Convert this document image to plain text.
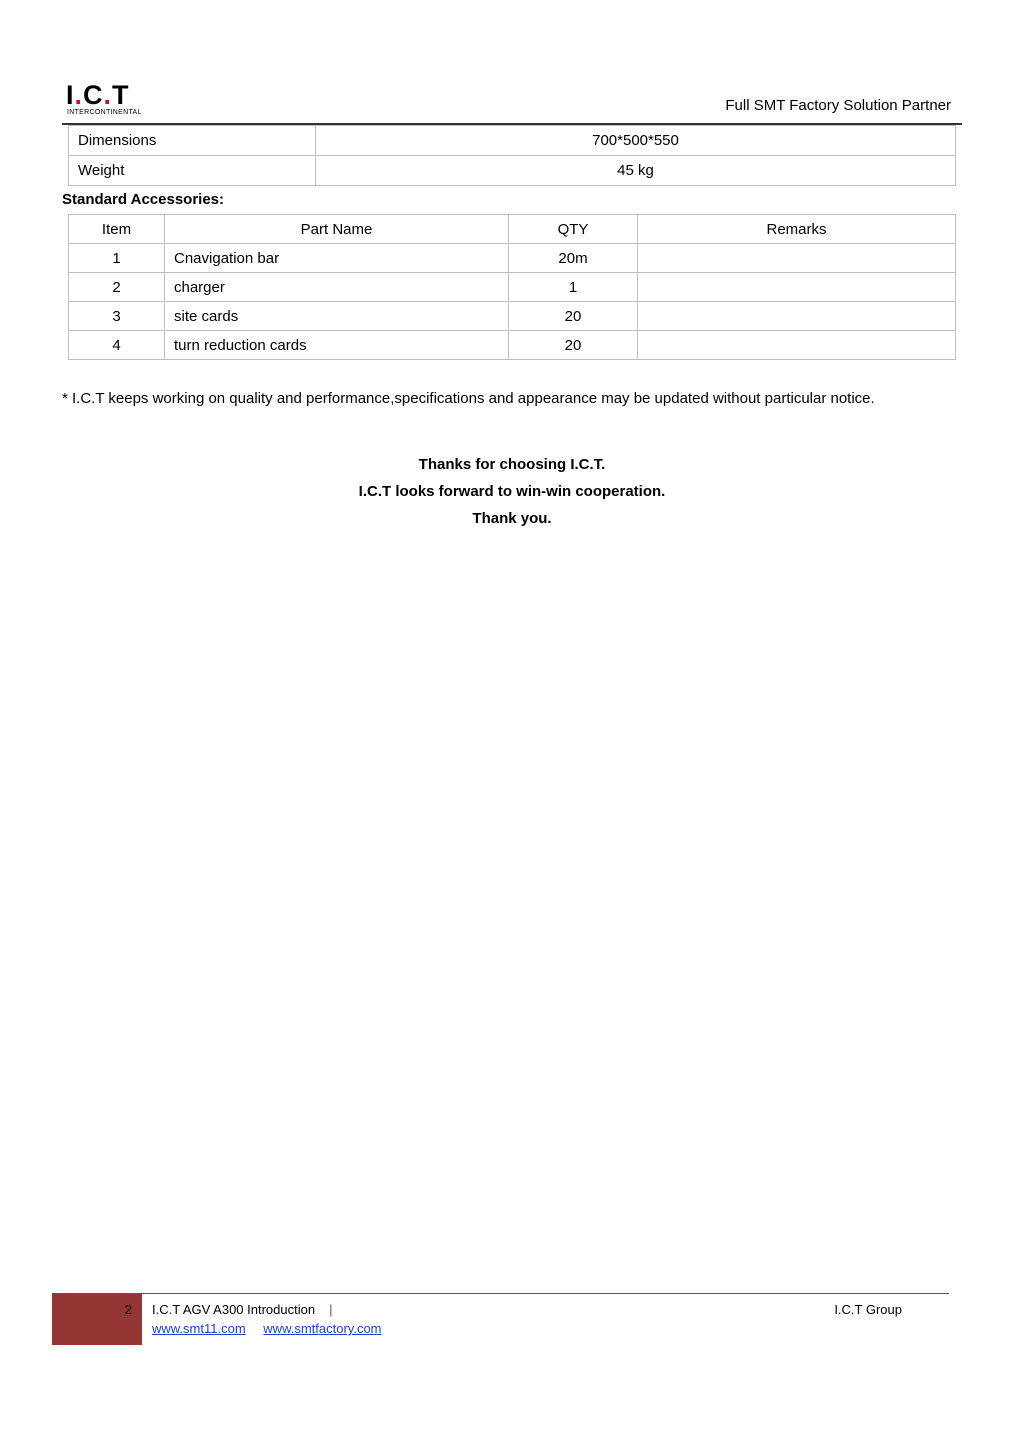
I.C.T
INTERCONTINENTAL	Full SMT Factory Solution Partner
Dimensions	700*500*550
Weight	45 kg
Standard Accessories:
Item	Part Name	QTY	Remarks
1	Cnavigation bar	20m	
2	charger	1	
3	site cards	20	
4	turn reduction cards	20	
* I.C.T keeps working on quality and performance,specifications and appearance may be updated without particular notice.
Thanks for choosing I.C.T.
I.C.T looks forward to win-win cooperation.
Thank you.
2 I.C.T AGV A300 Introduction |
www.smt11.com www.smtfactory.com
I.C.T Group
